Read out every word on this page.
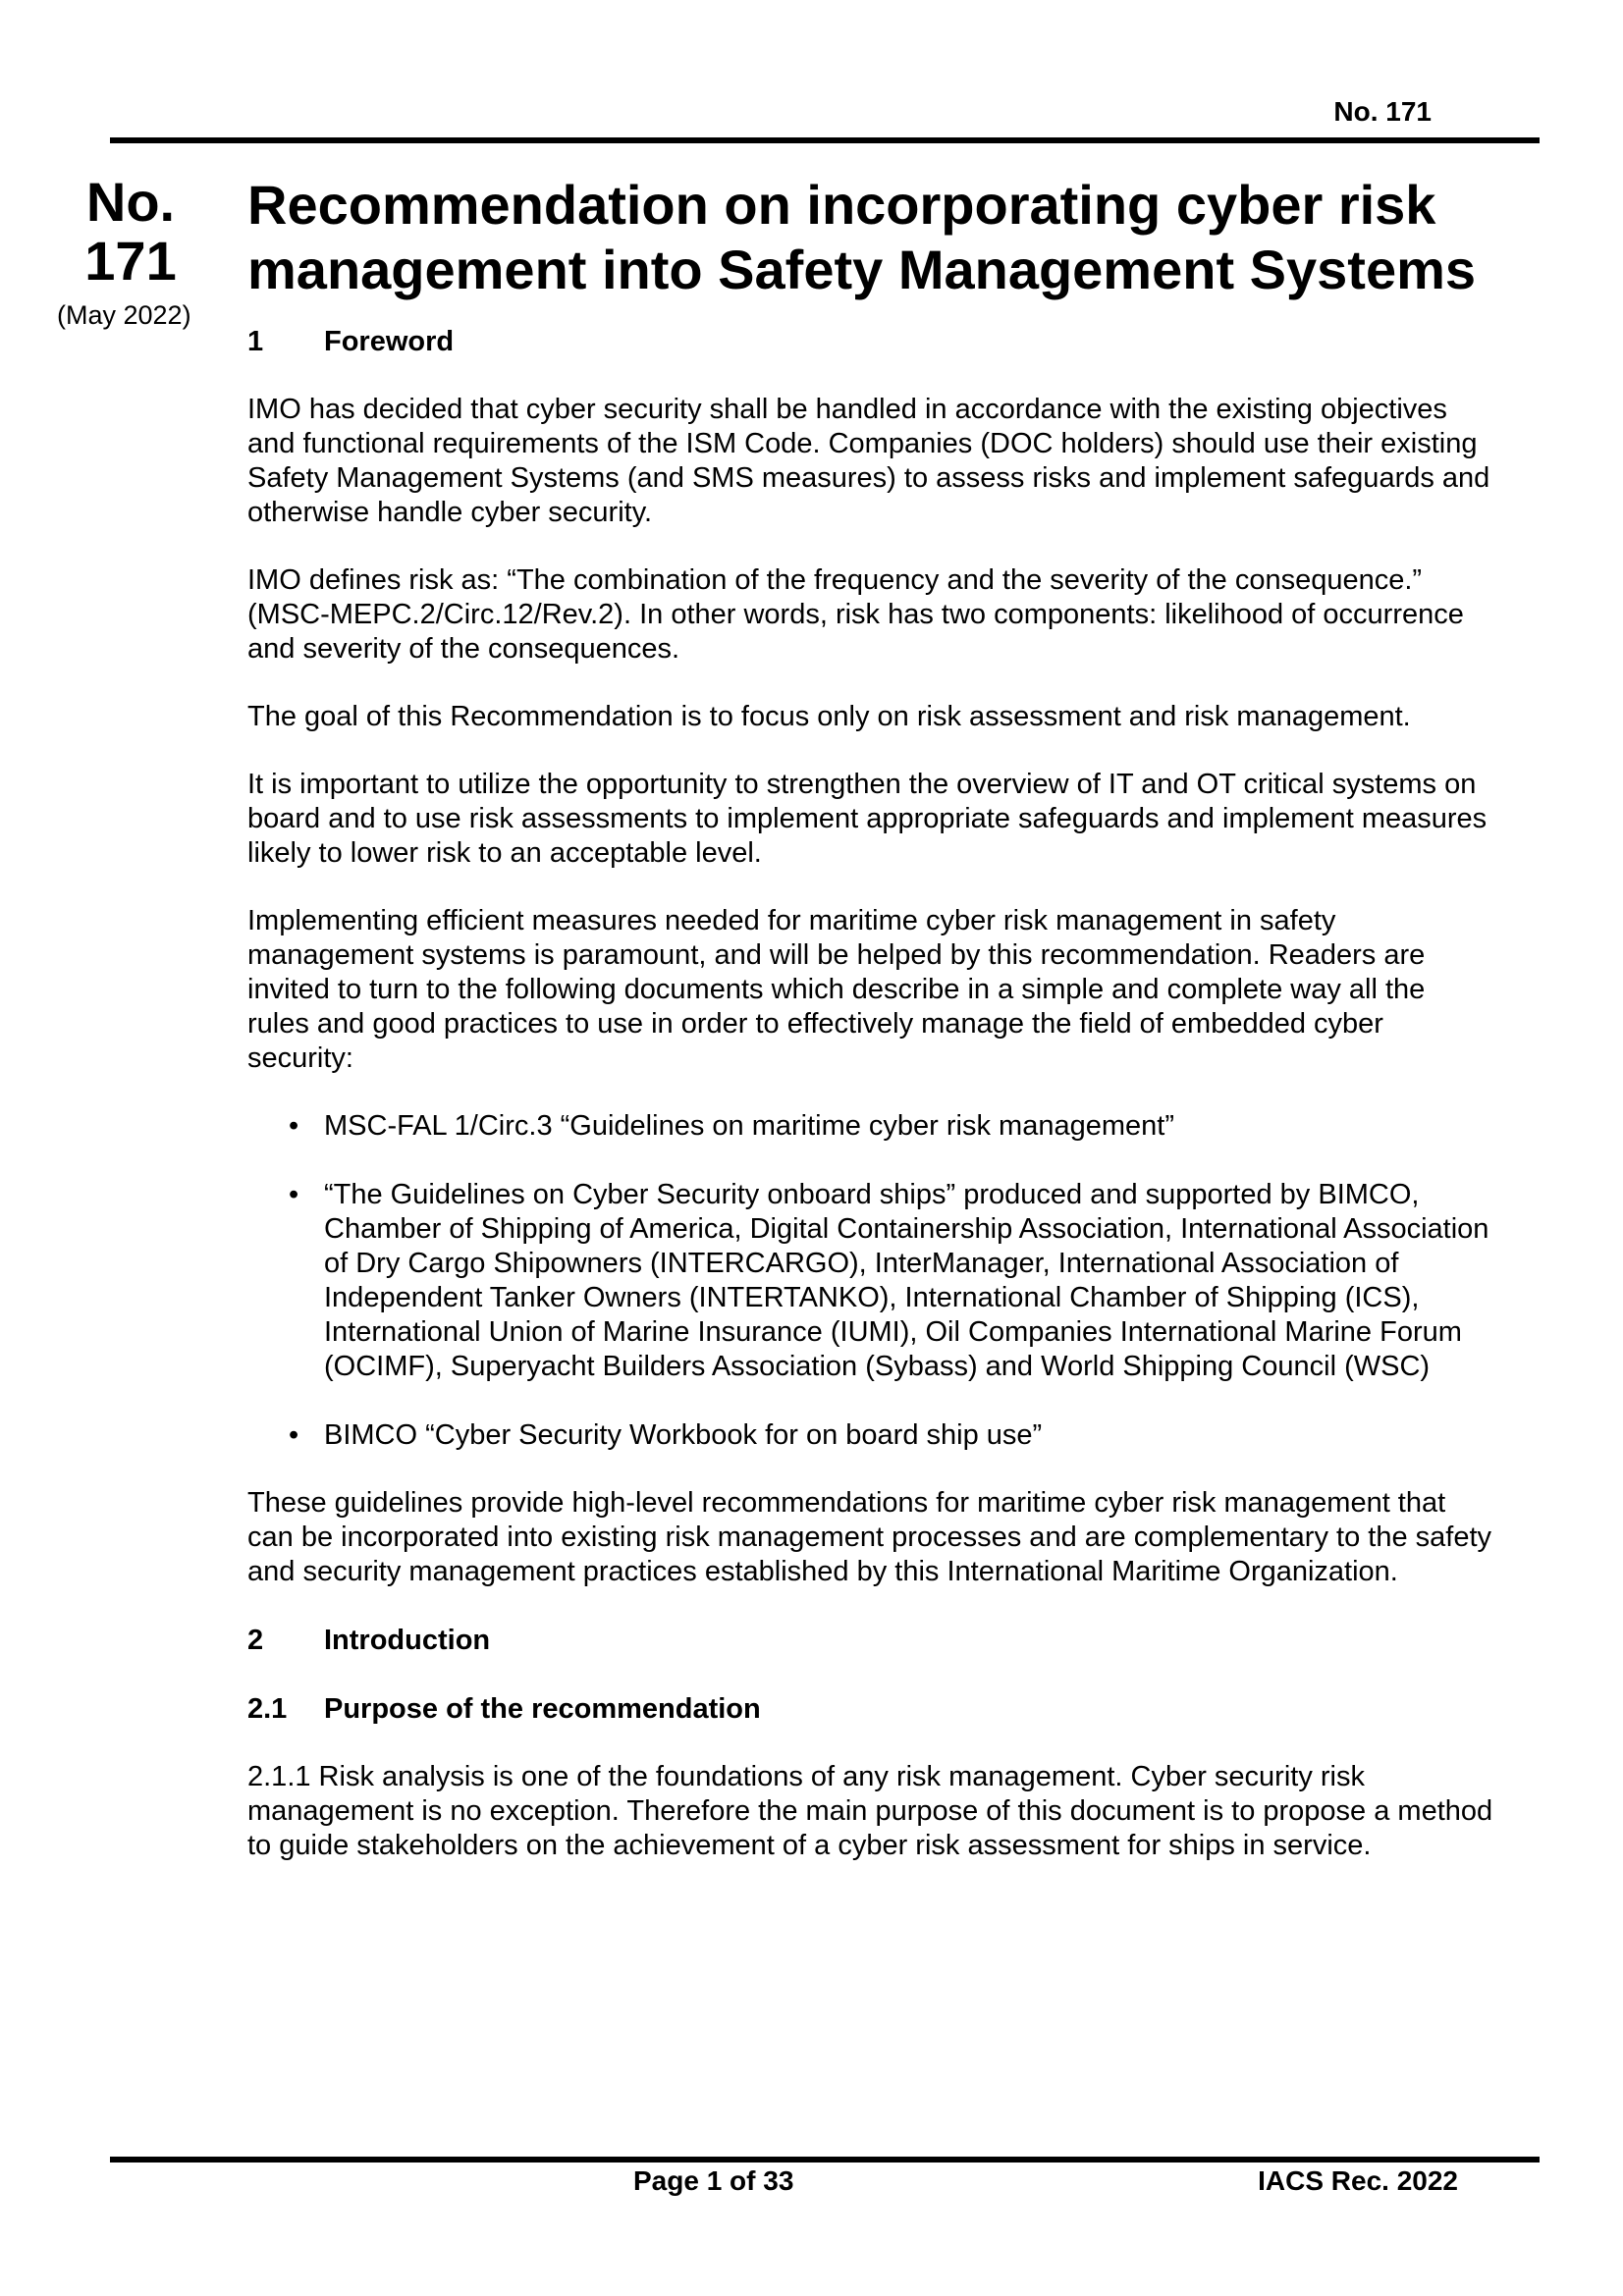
No. 171
No.
171
(May 2022)
Recommendation on incorporating cyber risk management into Safety Management Systems
1	Foreword

IMO has decided that cyber security shall be handled in accordance with the existing objectives and functional requirements of the ISM Code. Companies (DOC holders) should use their existing Safety Management Systems (and SMS measures) to assess risks and implement safeguards and otherwise handle cyber security.

IMO defines risk as: “The combination of the frequency and the severity of the consequence.” (MSC-MEPC.2/Circ.12/Rev.2). In other words, risk has two components: likelihood of occurrence and severity of the consequences.

The goal of this Recommendation is to focus only on risk assessment and risk management.

It is important to utilize the opportunity to strengthen the overview of IT and OT critical systems on board and to use risk assessments to implement appropriate safeguards and implement measures likely to lower risk to an acceptable level.

Implementing efficient measures needed for maritime cyber risk management in safety management systems is paramount, and will be helped by this recommendation. Readers are invited to turn to the following documents which describe in a simple and complete way all the rules and good practices to use in order to effectively manage the field of embedded cyber security:

• MSC-FAL 1/Circ.3 “Guidelines on maritime cyber risk management”
• “The Guidelines on Cyber Security onboard ships” produced and supported by BIMCO, Chamber of Shipping of America, Digital Containership Association, International Association of Dry Cargo Shipowners (INTERCARGO), InterManager, International Association of Independent Tanker Owners (INTERTANKO), International Chamber of Shipping (ICS), International Union of Marine Insurance (IUMI), Oil Companies International Marine Forum (OCIMF), Superyacht Builders Association (Sybass) and World Shipping Council (WSC)
• BIMCO “Cyber Security Workbook for on board ship use”

These guidelines provide high-level recommendations for maritime cyber risk management that can be incorporated into existing risk management processes and are complementary to the safety and security management practices established by this International Maritime Organization.

2	Introduction
2.1	Purpose of the recommendation

2.1.1 Risk analysis is one of the foundations of any risk management. Cyber security risk management is no exception. Therefore the main purpose of this document is to propose a method to guide stakeholders on the achievement of a cyber risk assessment for ships in service.

Page 1 of 33	IACS Rec. 2022
